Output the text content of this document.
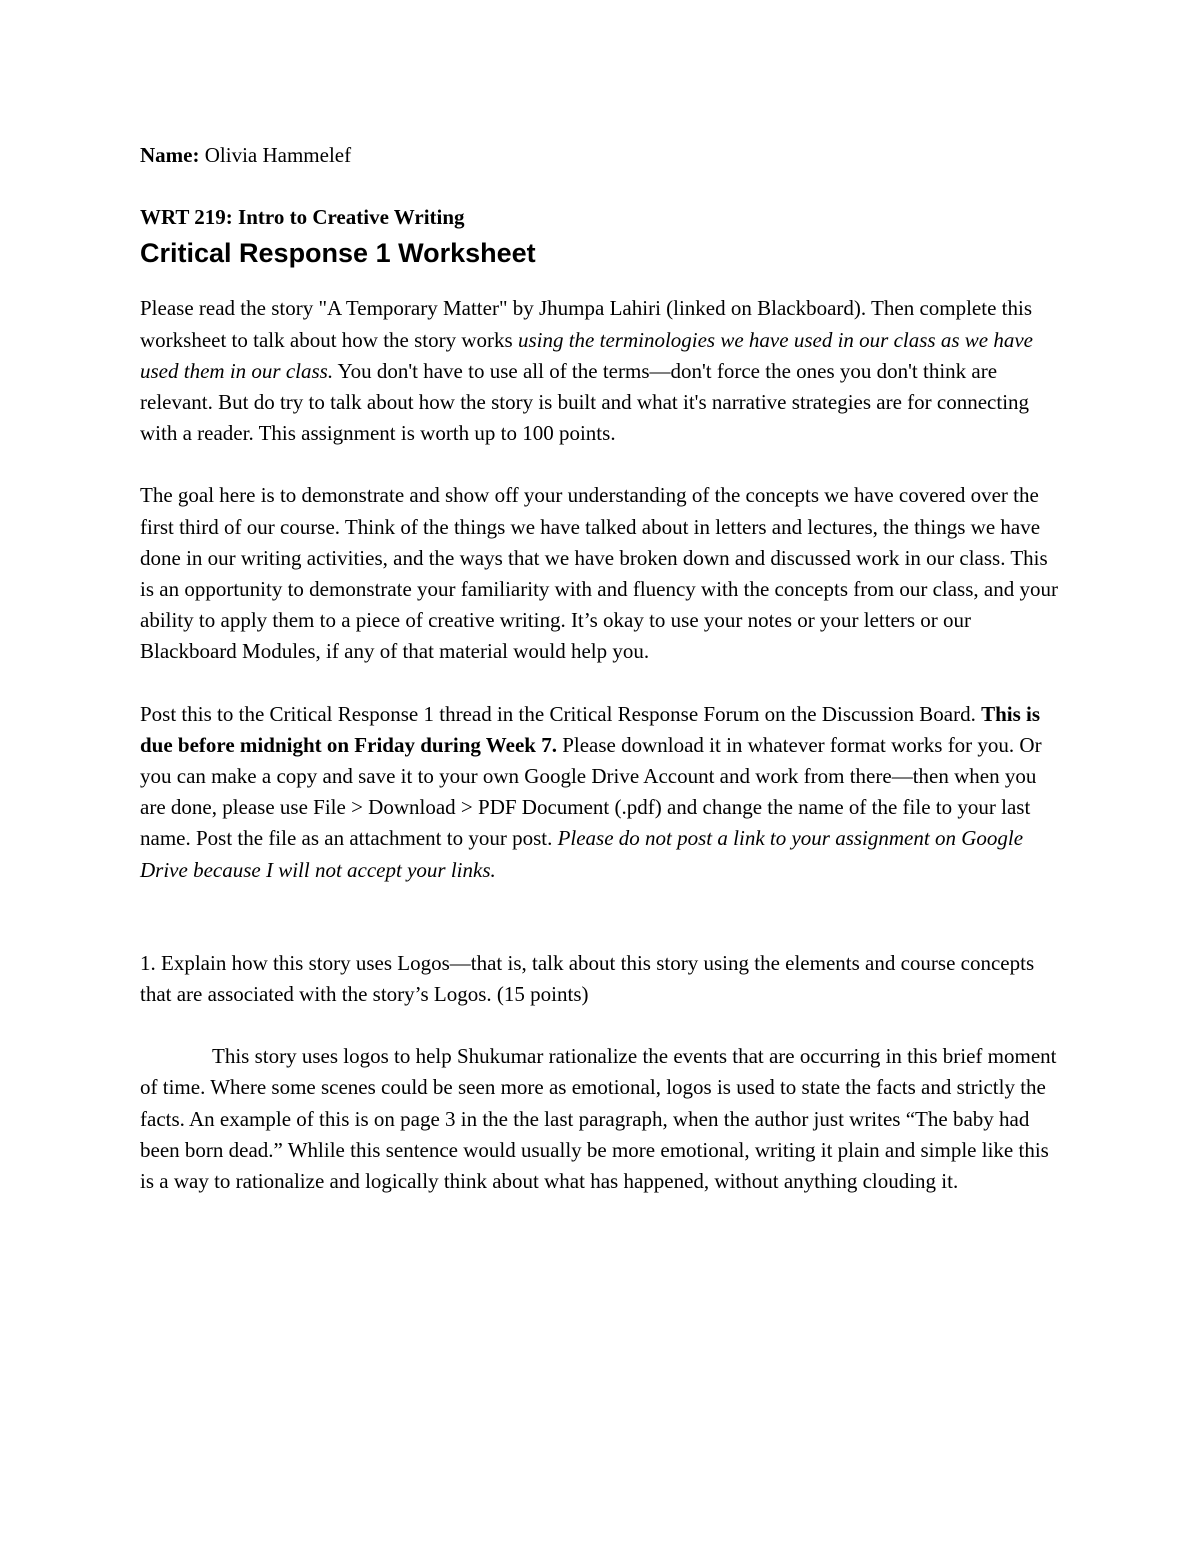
Name: Olivia Hammelef

WRT 219: Intro to Creative Writing

Critical Response 1 Worksheet

Please read the story "A Temporary Matter" by Jhumpa Lahiri (linked on Blackboard). Then complete this worksheet to talk about how the story works using the terminologies we have used in our class as we have used them in our class. You don't have to use all of the terms—don't force the ones you don't think are relevant. But do try to talk about how the story is built and what it's narrative strategies are for connecting with a reader. This assignment is worth up to 100 points.

The goal here is to demonstrate and show off your understanding of the concepts we have covered over the first third of our course. Think of the things we have talked about in letters and lectures, the things we have done in our writing activities, and the ways that we have broken down and discussed work in our class. This is an opportunity to demonstrate your familiarity with and fluency with the concepts from our class, and your ability to apply them to a piece of creative writing. It’s okay to use your notes or your letters or our Blackboard Modules, if any of that material would help you.

Post this to the Critical Response 1 thread in the Critical Response Forum on the Discussion Board. This is due before midnight on Friday during Week 7. Please download it in whatever format works for you. Or you can make a copy and save it to your own Google Drive Account and work from there—then when you are done, please use File > Download > PDF Document (.pdf) and change the name of the file to your last name. Post the file as an attachment to your post. Please do not post a link to your assignment on Google Drive because I will not accept your links.

1. Explain how this story uses Logos—that is, talk about this story using the elements and course concepts that are associated with the story’s Logos. (15 points)

This story uses logos to help Shukumar rationalize the events that are occurring in this brief moment of time. Where some scenes could be seen more as emotional, logos is used to state the facts and strictly the facts. An example of this is on page 3 in the the last paragraph, when the author just writes “The baby had been born dead.” Whlile this sentence would usually be more emotional, writing it plain and simple like this is a way to rationalize and logically think about what has happened, without anything clouding it.
